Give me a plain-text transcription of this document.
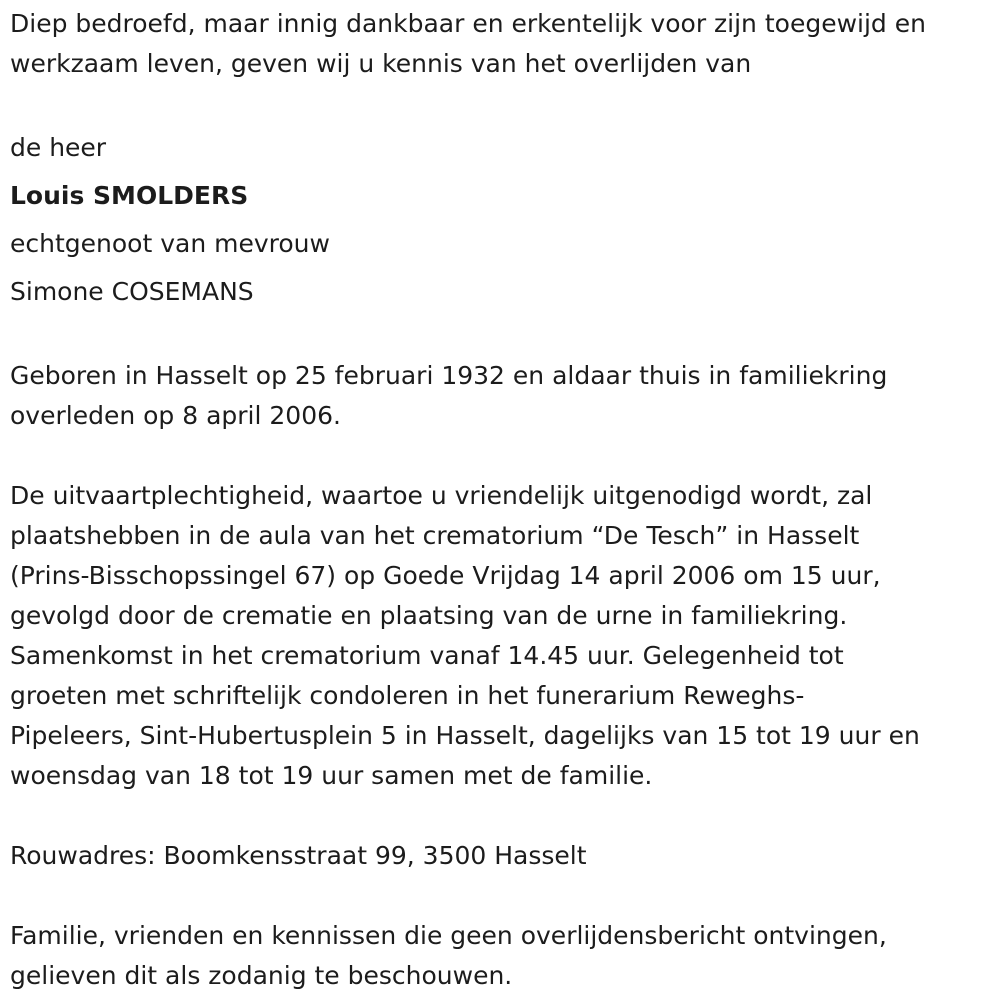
Diep bedroefd, maar innig dankbaar en erkentelijk voor zijn toegewijd en

werkzaam leven, geven wij u kennis van het overlijden van

de heer

Louis SMOLDERS

echtgenoot van mevrouw

Simone COSEMANS

Geboren in Hasselt op 25 februari 1932 en aldaar thuis in familiekring

overleden op 8 april 2006.

De uitvaartplechtigheid, waartoe u vriendelijk uitgenodigd wordt, zal

plaatshebben in de aula van het crematorium “De Tesch” in Hasselt

(Prins-Bisschopssingel 67) op Goede Vrijdag 14 april 2006 om 15 uur,

gevolgd door de crematie en plaatsing van de urne in familiekring.

Samenkomst in het crematorium vanaf 14.45 uur. Gelegenheid tot

groeten met schriftelijk condoleren in het funerarium Reweghs-

Pipeleers, Sint-Hubertusplein 5 in Hasselt, dagelijks van 15 tot 19 uur en

woensdag van 18 tot 19 uur samen met de familie.

Rouwadres: Boomkensstraat 99, 3500 Hasselt

Familie, vrienden en kennissen die geen overlijdensbericht ontvingen,

gelieven dit als zodanig te beschouwen.
